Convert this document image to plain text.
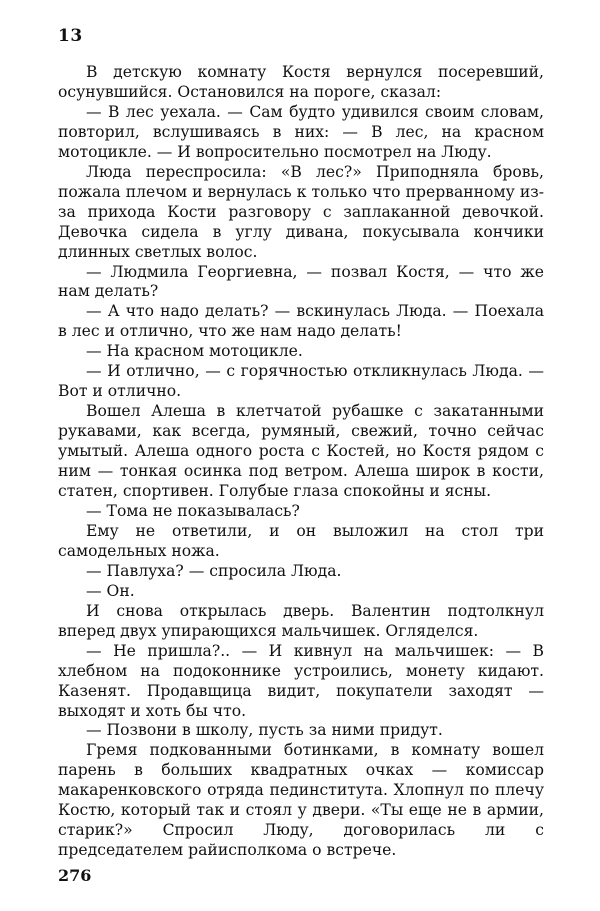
13

В детскую комнату Костя вернулся посеревший, осунувшийся. Остановился на пороге, сказал:

— В лес уехала. — Сам будто удивился своим словам, повторил, вслушиваясь в них: — В лес, на красном мотоцикле. — И вопросительно посмотрел на Люду.

Люда переспросила: «В лес?» Приподняла бровь, пожала плечом и вернулась к только что прерванному из-за прихода Кости разговору с заплаканной девочкой. Девочка сидела в углу дивана, покусывала кончики длинных светлых волос.

— Людмила Георгиевна, — позвал Костя, — что же нам делать?

— А что надо делать? — вскинулась Люда. — Поехала в лес и отлично, что же нам надо делать!

— На красном мотоцикле.

— И отлично, — с горячностью откликнулась Люда. — Вот и отлично.

Вошел Алеша в клетчатой рубашке с закатанными рукавами, как всегда, румяный, свежий, точно сейчас умытый. Алеша одного роста с Костей, но Костя рядом с ним — тонкая осинка под ветром. Алеша широк в кости, статен, спортивен. Голубые глаза спокойны и ясны.

— Тома не показывалась?

Ему не ответили, и он выложил на стол три самодельных ножа.

— Павлуха? — спросила Люда.

— Он.

И снова открылась дверь. Валентин подтолкнул вперед двух упирающихся мальчишек. Огляделся.

— Не пришла?.. — И кивнул на мальчишек: — В хлебном на подоконнике устроились, монету кидают. Казенят. Продавщица видит, покупатели заходят — выходят и хоть бы что.

— Позвони в школу, пусть за ними придут.

Гремя подкованными ботинками, в комнату вошел парень в больших квадратных очках — комиссар макаренковского отряда пединститута. Хлопнул по плечу Костю, который так и стоял у двери. «Ты еще не в армии, старик?» Спросил Люду, договорилась ли с председателем райисполкома о встрече.

276
